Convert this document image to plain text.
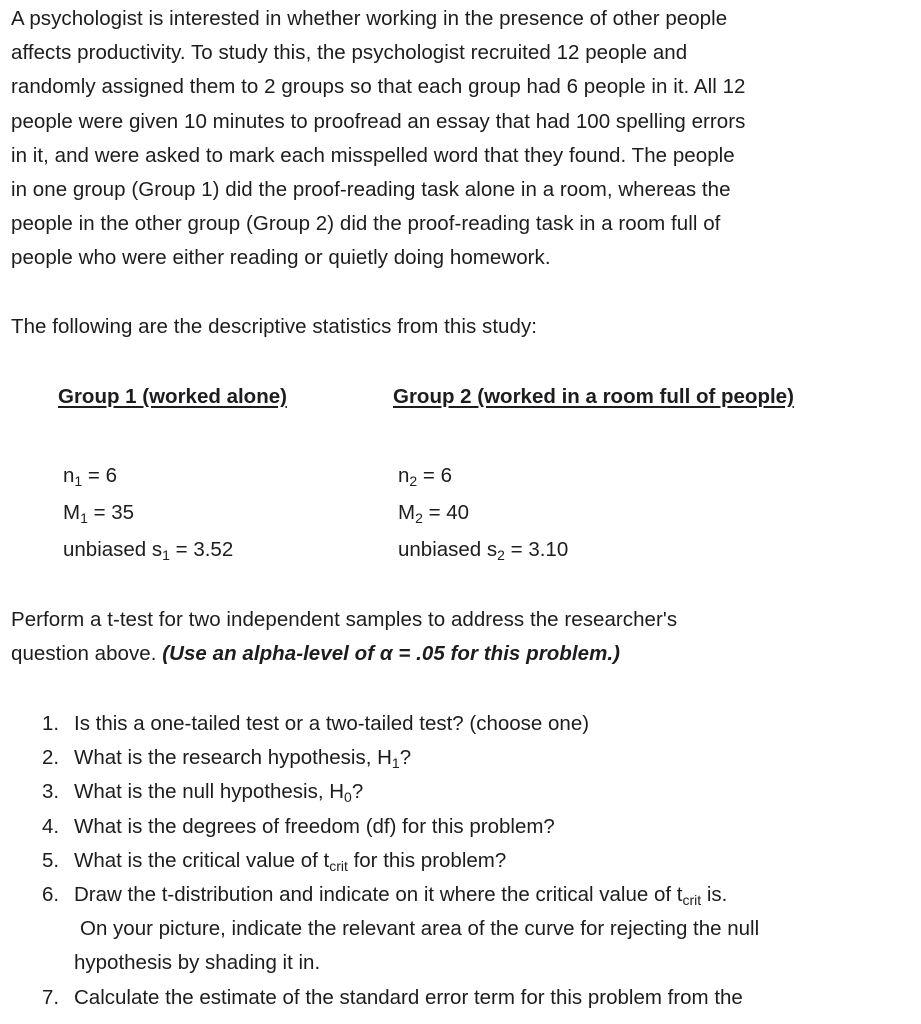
A psychologist is interested in whether working in the presence of other people
affects productivity. To study this, the psychologist recruited 12 people and
randomly assigned them to 2 groups so that each group had 6 people in it. All 12
people were given 10 minutes to proofread an essay that had 100 spelling errors
in it, and were asked to mark each misspelled word that they found. The people
in one group (Group 1) did the proof-reading task alone in a room, whereas the
people in the other group (Group 2) did the proof-reading task in a room full of
people who were either reading or quietly doing homework.
The following are the descriptive statistics from this study:
Group 1 (worked alone)	Group 2 (worked in a room full of people)
$n_1 = 6$
$M_1 = 35$
unbiased $s_1 = 3.52$
$n_2 = 6$
$M_2 = 40$
unbiased $s_2 = 3.10$
Perform a t-test for two independent samples to address the researcher's
question above. (Use an alpha-level of α = .05 for this problem.)
1. Is this a one-tailed test or a two-tailed test? (choose one)
2. What is the research hypothesis, $H_1$?
3. What is the null hypothesis, $H_0$?
4. What is the degrees of freedom (df) for this problem?
5. What is the critical value of $t_{crit}$ for this problem?
6. Draw the t-distribution and indicate on it where the critical value of $t_{crit}$ is.
On your picture, indicate the relevant area of the curve for rejecting the null
hypothesis by shading it in.
7. Calculate the estimate of the standard error term for this problem from the
